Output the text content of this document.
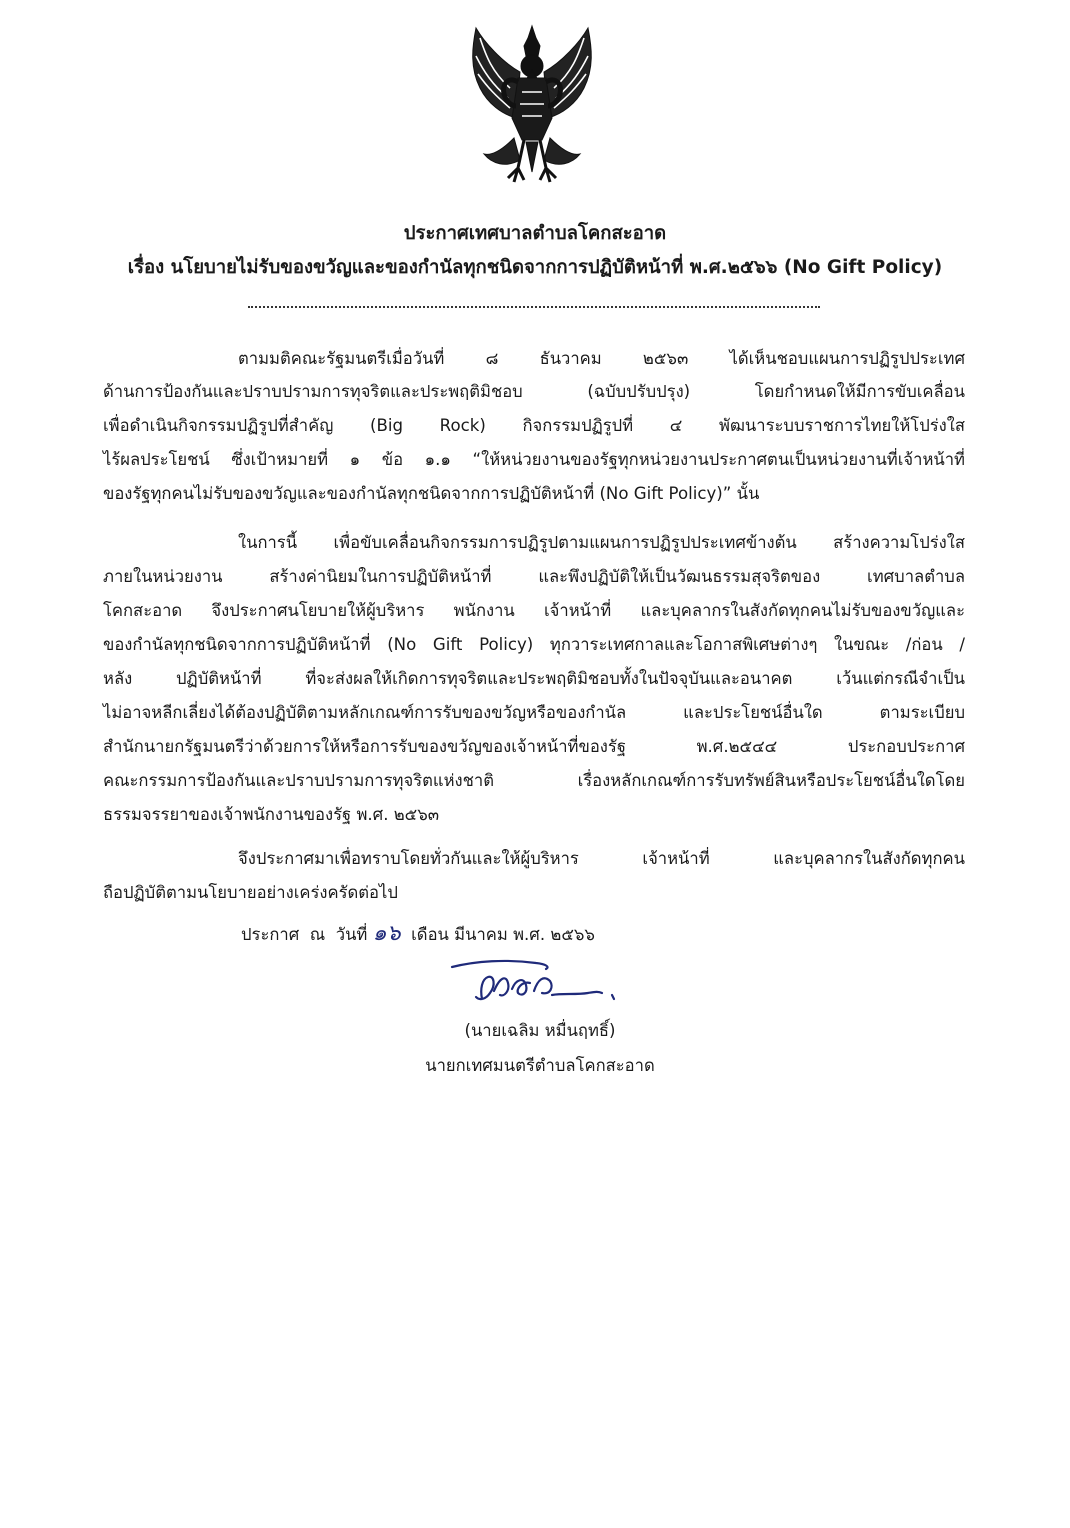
ประกาศเทศบาลตำบลโคกสะอาด
เรื่อง นโยบายไม่รับของขวัญและของกำนัลทุกชนิดจากการปฏิบัติหน้าที่ พ.ศ.๒๕๖๖ (No Gift Policy)

ตามมติคณะรัฐมนตรีเมื่อวันที่ ๘ ธันวาคม ๒๕๖๓ ได้เห็นชอบแผนการปฏิรูปประเทศ

ด้านการป้องกันและปราบปรามการทุจริตและประพฤติมิชอบ (ฉบับปรับปรุง) โดยกำหนดให้มีการขับเคลื่อน

เพื่อดำเนินกิจกรรมปฏิรูปที่สำคัญ (Big Rock) กิจกรรมปฏิรูปที่ ๔ พัฒนาระบบราชการไทยให้โปร่งใส

ไร้ผลประโยชน์ ซึ่งเป้าหมายที่ ๑ ข้อ ๑.๑ “ให้หน่วยงานของรัฐทุกหน่วยงานประกาศตนเป็นหน่วยงานที่เจ้าหน้าที่

ของรัฐทุกคนไม่รับของขวัญและของกำนัลทุกชนิดจากการปฏิบัติหน้าที่ (No Gift Policy)” นั้น

ในการนี้ เพื่อขับเคลื่อนกิจกรรมการปฏิรูปตามแผนการปฏิรูปประเทศข้างต้น สร้างความโปร่งใส

ภายในหน่วยงาน สร้างค่านิยมในการปฏิบัติหน้าที่ และพึงปฏิบัติให้เป็นวัฒนธรรมสุจริตของ เทศบาลตำบล

โคกสะอาด จึงประกาศนโยบายให้ผู้บริหาร พนักงาน เจ้าหน้าที่ และบุคลากรในสังกัดทุกคนไม่รับของขวัญและ

ของกำนัลทุกชนิดจากการปฏิบัติหน้าที่ (No Gift Policy) ทุกวาระเทศกาลและโอกาสพิเศษต่างๆ ในขณะ /ก่อน /

หลัง ปฏิบัติหน้าที่ ที่จะส่งผลให้เกิดการทุจริตและประพฤติมิชอบทั้งในปัจจุบันและอนาคต เว้นแต่กรณีจำเป็น

ไม่อาจหลีกเลี่ยงได้ต้องปฏิบัติตามหลักเกณฑ์การรับของขวัญหรือของกำนัล และประโยชน์อื่นใด ตามระเบียบ

สำนักนายกรัฐมนตรีว่าด้วยการให้หรือการรับของขวัญของเจ้าหน้าที่ของรัฐ พ.ศ.๒๕๔๔ ประกอบประกาศ

คณะกรรมการป้องกันและปราบปรามการทุจริตแห่งชาติ เรื่องหลักเกณฑ์การรับทรัพย์สินหรือประโยชน์อื่นใดโดย

ธรรมจรรยาของเจ้าพนักงานของรัฐ พ.ศ. ๒๕๖๓

จึงประกาศมาเพื่อทราบโดยทั่วกันและให้ผู้บริหาร เจ้าหน้าที่ และบุคลากรในสังกัดทุกคน

ถือปฏิบัติตามนโยบายอย่างเคร่งครัดต่อไป

ประกาศ  ณ  วันที่ ๑๖ เดือน มีนาคม พ.ศ. ๒๕๖๖

(นายเฉลิม หมื่นฤทธิ์)

นายกเทศมนตรีตำบลโคกสะอาด
